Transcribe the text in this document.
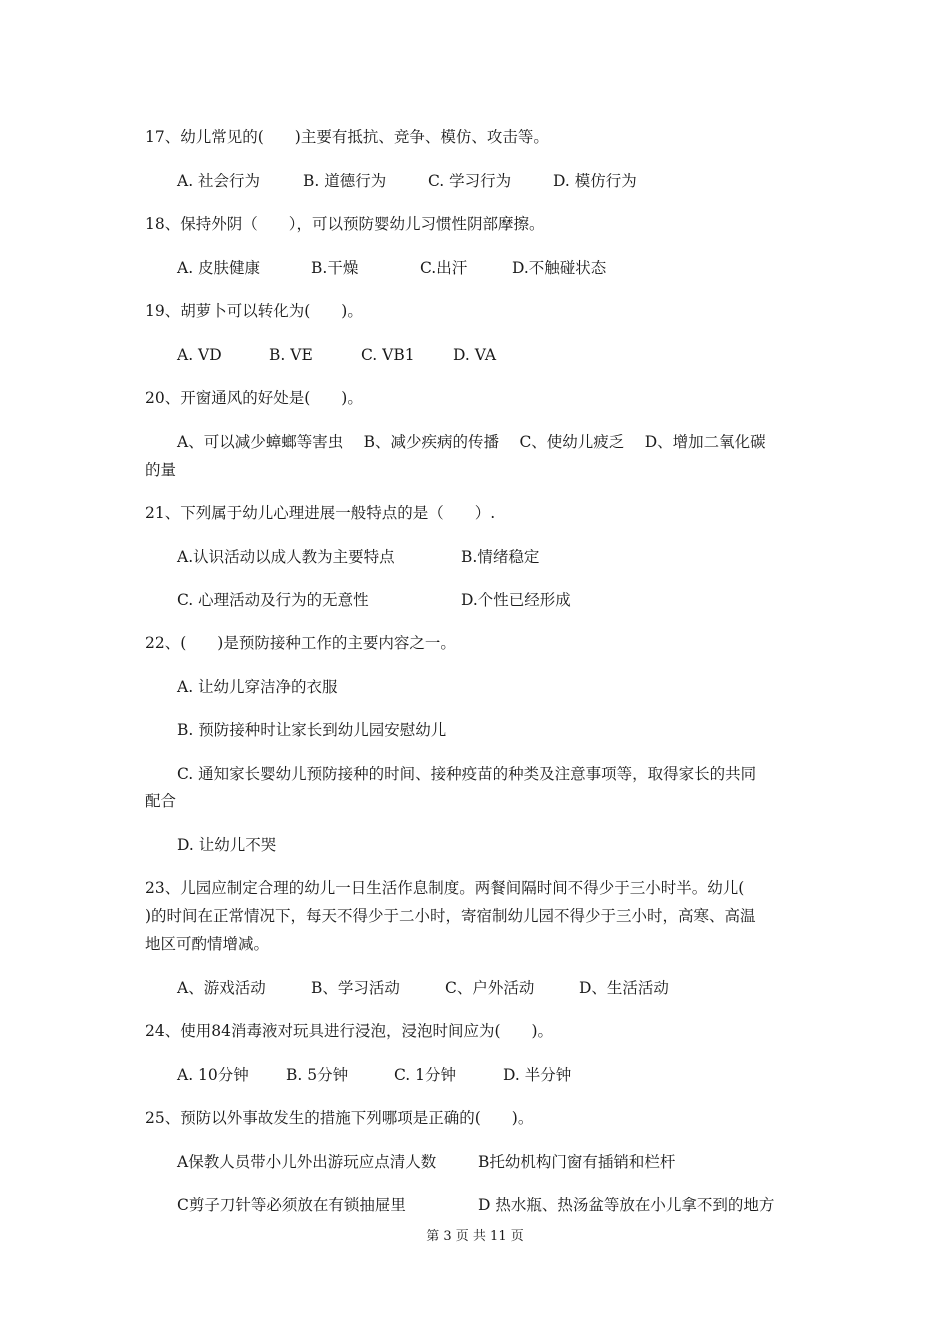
17、幼儿常见的(　　)主要有抵抗、竞争、模仿、攻击等。

A. 社会行为

	B. 道德行为

	C. 学习行为

	D. 模仿行为

18、保持外阴（　　），可以预防婴幼儿习惯性阴部摩擦。

A. 皮肤健康

	B.干燥

	C.出汗

	D.不触碰状态

19、胡萝卜可以转化为(　　)。

A. VD

	B. VE

	C. VB1

D. VA

20、开窗通风的好处是(　　)。
A、可以减少蟑螂等害虫　 B、减少疾病的传播　 C、使幼儿疲乏　 D、增加二氧化碳
的量
21、下列属于幼儿心理进展一般特点的是（　　）.

A.认识活动以成人教为主要特点

	B.情绪稳定

C. 心理活动及行为的无意性

	D.个性已经形成

22、(　　)是预防接种工作的主要内容之一。
A. 让幼儿穿洁净的衣服
B. 预防接种时让家长到幼儿园安慰幼儿
C. 通知家长婴幼儿预防接种的时间、接种疫苗的种类及注意事项等，取得家长的共同
配合
D. 让幼儿不哭
23、儿园应制定合理的幼儿一日生活作息制度。两餐间隔时间不得少于三小时半。幼儿(
)的时间在正常情况下，每天不得少于二小时，寄宿制幼儿园不得少于三小时，高寒、高温
地区可酌情增减。

A、游戏活动

	B、学习活动

	C、户外活动

	D、生活活动

24、使用84消毒液对玩具进行浸泡，浸泡时间应为(　　)。

A. 10分钟

B. 5分钟

	C. 1分钟

	D. 半分钟

25、预防以外事故发生的措施下列哪项是正确的(　　)。

A保教人员带小儿外出游玩应点清人数

	B托幼机构门窗有插销和栏杆

C剪子刀针等必须放在有锁抽屉里

	D 热水瓶、热汤盆等放在小儿拿不到的地方

第 3 页 共 11 页
